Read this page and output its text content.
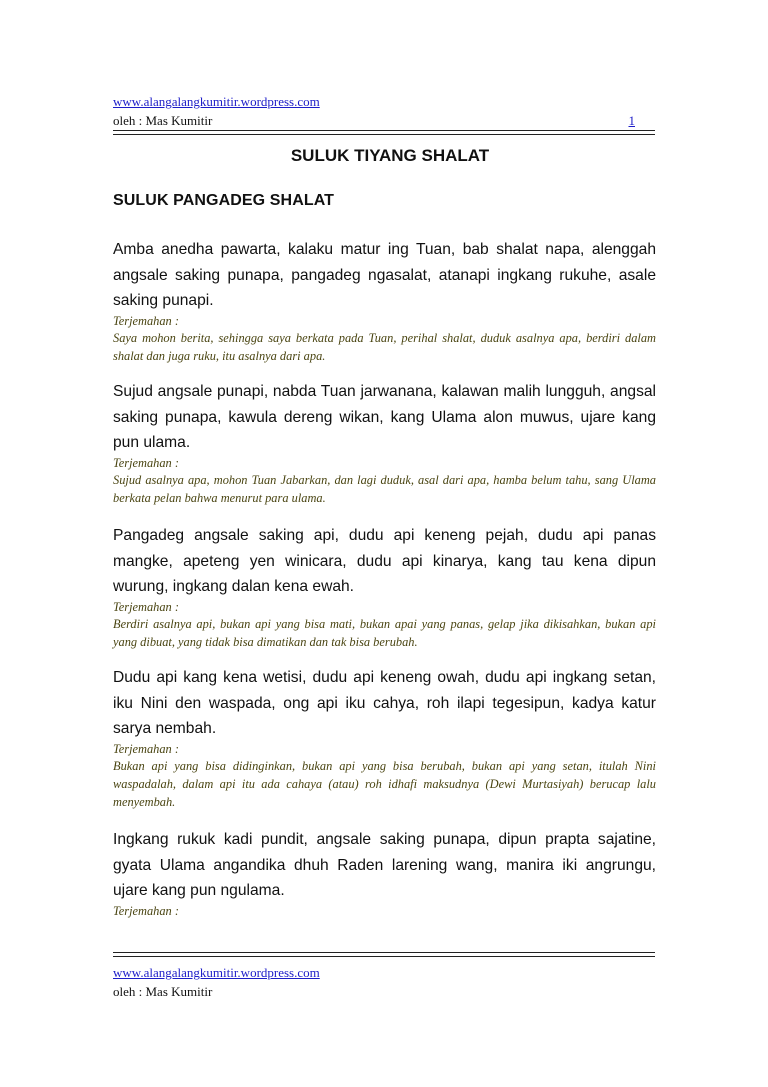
www.alangalangkumitir.wordpress.com
oleh : Mas Kumitir	1
SULUK TIYANG SHALAT
SULUK PANGADEG SHALAT
Amba anedha pawarta, kalaku matur ing Tuan, bab shalat napa, alenggah angsale saking punapa, pangadeg ngasalat, atanapi ingkang rukuhe, asale saking punapi.
Terjemahan :
Saya mohon berita, sehingga saya berkata pada Tuan, perihal shalat, duduk asalnya apa, berdiri dalam shalat dan juga ruku, itu asalnya dari apa.
Sujud angsale punapi, nabda Tuan jarwanana, kalawan malih lungguh, angsal saking punapa, kawula dereng wikan, kang Ulama alon muwus, ujare kang pun ulama.
Terjemahan :
Sujud asalnya apa, mohon Tuan Jabarkan, dan lagi duduk, asal dari apa, hamba belum tahu, sang Ulama berkata pelan bahwa menurut para ulama.
Pangadeg angsale saking api, dudu api keneng pejah, dudu api panas mangke, apeteng yen winicara, dudu api kinarya, kang tau kena dipun wurung, ingkang dalan kena ewah.
Terjemahan :
Berdiri asalnya api, bukan api yang bisa mati, bukan apai yang panas, gelap jika dikisahkan, bukan api yang dibuat, yang tidak bisa dimatikan dan tak bisa berubah.
Dudu api kang kena wetisi, dudu api keneng owah, dudu api ingkang setan, iku Nini den waspada, ong api iku cahya, roh ilapi tegesipun, kadya katur sarya nembah.
Terjemahan :
Bukan api yang bisa didinginkan, bukan api yang bisa berubah, bukan api yang setan, itulah Nini waspadalah, dalam api itu ada cahaya (atau) roh idhafi maksudnya (Dewi Murtasiyah) berucap lalu menyembah.
Ingkang rukuk kadi pundit, angsale saking punapa, dipun prapta sajatine, gyata Ulama angandika dhuh Raden larening wang, manira iki angrungu, ujare kang pun ngulama.
Terjemahan :
www.alangalangkumitir.wordpress.com
oleh : Mas Kumitir
